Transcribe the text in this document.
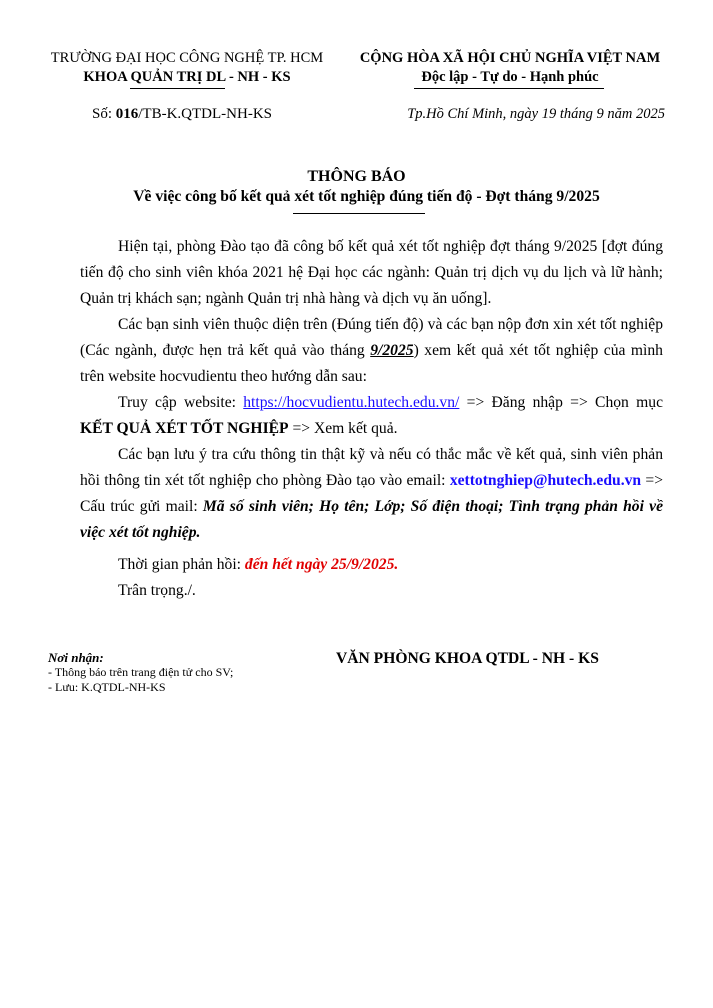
TRƯỜNG ĐẠI HỌC CÔNG NGHỆ TP. HCM
KHOA QUẢN TRỊ DL - NH - KS
CỘNG HÒA XÃ HỘI CHỦ NGHĨA VIỆT NAM
Độc lập - Tự do - Hạnh phúc
Số: 016/TB-K.QTDL-NH-KS	Tp.Hồ Chí Minh, ngày 19 tháng 9 năm 2025
THÔNG BÁO
Về việc công bố kết quả xét tốt nghiệp đúng tiến độ - Đợt tháng 9/2025

Hiện tại, phòng Đào tạo đã công bố kết quả xét tốt nghiệp đợt tháng 9/2025 [đợt đúng tiến độ cho sinh viên khóa 2021 hệ Đại học các ngành: Quản trị dịch vụ du lịch và lữ hành; Quản trị khách sạn; ngành Quản trị nhà hàng và dịch vụ ăn uống].

Các bạn sinh viên thuộc diện trên (Đúng tiến độ) và các bạn nộp đơn xin xét tốt nghiệp (Các ngành, được hẹn trả kết quả vào tháng 9/2025) xem kết quả xét tốt nghiệp của mình trên website hocvudientu theo hướng dẫn sau:

Truy cập website: https://hocvudientu.hutech.edu.vn/ => Đăng nhập => Chọn mục KẾT QUẢ XÉT TỐT NGHIỆP => Xem kết quả.

Các bạn lưu ý tra cứu thông tin thật kỹ và nếu có thắc mắc về kết quả, sinh viên phản hồi thông tin xét tốt nghiệp cho phòng Đào tạo vào email: xettotnghiep@hutech.edu.vn => Cấu trúc gửi mail: Mã số sinh viên; Họ tên; Lớp; Số điện thoại; Tình trạng phản hồi về việc xét tốt nghiệp.

Thời gian phản hồi: đến hết ngày 25/9/2025.

Trân trọng./.

Nơi nhận:
- Thông báo trên trang điện tử cho SV;
- Lưu: K.QTDL-NH-KS
VĂN PHÒNG KHOA QTDL - NH - KS
